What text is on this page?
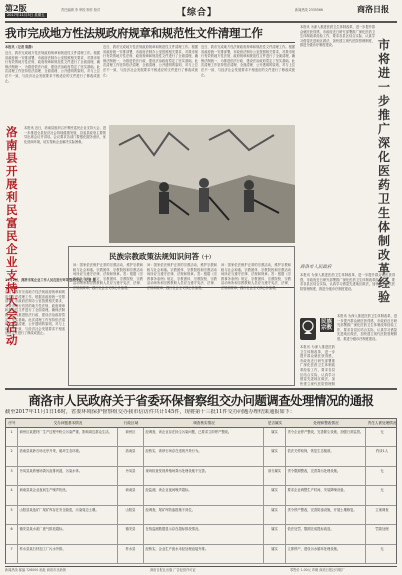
第2版
2017年11月3日 星期五
责任编辑 李 审校 制作 校对	【综合】	新闻热线 2335566	商洛日报
我市完成地方性法规政府规章和规范性文件清理工作
本报讯（记者 陈静）
近日，我市完成地方性法规政府规章和规范性文件清理工作。根据省政府统一安排部署，市政府法制办公室按照相关要求，对我市现行有效的地方性法规、政府规章和规范性文件进行了全面清理，确保法制统一，为推进依法行政、建设法治政府奠定了坚实基础。此次清理工作坚持依法清理、全面清理、公开透明的原则，对与上位法不一致、与经济社会发展要求不相适应的文件进行了修改或废止。
近日，我市完成地方性法规政府规章和规范性文件清理工作。根据省政府统一安排部署，市政府法制办公室按照相关要求，对我市现行有效的地方性法规、政府规章和规范性文件进行了全面清理，确保法制统一，为推进依法行政、建设法治政府奠定了坚实基础。此次清理工作坚持依法清理、全面清理、公开透明的原则，对与上位法不一致、与经济社会发展要求不相适应的文件进行了修改或废止。
近日，我市完成地方性法规政府规章和规范性文件清理工作。根据省政府统一安排部署，市政府法制办公室按照相关要求，对我市现行有效的地方性法规、政府规章和规范性文件进行了全面清理，确保法制统一，为推进依法行政、建设法治政府奠定了坚实基础。此次清理工作坚持依法清理、全面清理、公开透明的原则，对与上位法不一致、与经济社会发展要求不相适应的文件进行了修改或废止。
洛南县开展利民富民企业支持大会活动
本报讯 近日，洛南县组织召开利民富民企业支持大会，进一步推进全县经济社会持续健康发展，县委县政府主要领导出席会议并讲话。会议要求各部门要强化服务意识，优化营商环境，切实帮助企业解决实际困难。
11月2日，商洛市某企业工作人员在进行环境整治作业。记者 摄
市将进一步推广深化医药卫生体制改革经验
本报讯 为深入推进医药卫生体制改革，进一步提升群众就医获得感，市政府近日研究部署推广深化医药卫生体制改革经验工作，要求各县区结合实际，认真学习借鉴先进地区做法，加快建立现代医院管理制度，推进分级诊疗制度建设。
商洛市人民政府
本报讯 为深入推进医药卫生体制改革，进一步提升群众就医获得感，市政府近日研究部署推广深化医药卫生体制改革经验工作，要求各县区结合实际，认真学习借鉴先进地区做法，加快建立现代医院管理制度，推进分级诊疗制度建设。
近日，我市完成地方性法规政府规章和规范性文件清理工作。根据省政府统一安排部署，市政府法制办公室按照相关要求，对我市现行有效的地方性法规、政府规章和规范性文件进行了全面清理，确保法制统一，为推进依法行政、建设法治政府奠定了坚实基础。此次清理工作坚持依法清理、全面清理、公开透明的原则，对与上位法不一致、与经济社会发展要求不相适应的文件进行了修改或废止。
民族宗教政策法规知识问答（十）
问：国家依法保护正常的宗教活动，维护宗教和睦与社会和谐。宗教团体、宗教院校和宗教活动场所应当遵守法律、法规和规章。答：根据《宗教事务条例》规定，宗教团体、宗教院校、宗教活动场所和宗教教职人员应当遵守宪法、法律、法规和规章，践行社会主义核心价值观。
问：国家依法保护正常的宗教活动，维护宗教和睦与社会和谐。宗教团体、宗教院校和宗教活动场所应当遵守法律、法规和规章。答：根据《宗教事务条例》规定，宗教团体、宗教院校、宗教活动场所和宗教教职人员应当遵守宪法、法律、法规和规章，践行社会主义核心价值观。
问：国家依法保护正常的宗教活动，维护宗教和睦与社会和谐。宗教团体、宗教院校和宗教活动场所应当遵守法律、法规和规章。答：根据《宗教事务条例》规定，宗教团体、宗教院校、宗教活动场所和宗教教职人员应当遵守宪法、法律、法规和规章，践行社会主义核心价值观。
民族宗教
本报讯 为深入推进医药卫生体制改革，进一步提升群众就医获得感，市政府近日研究部署推广深化医药卫生体制改革经验工作，要求各县区结合实际，认真学习借鉴先进地区做法，加快建立现代医院管理制度，推进分级诊疗制度建设。
本报讯 为深入推进医药卫生体制改革，进一步提升群众就医获得感，市政府近日研究部署推广深化医药卫生体制改革经验工作，要求各县区结合实际，认真学习借鉴先进地区做法，加快建立现代医院管理制
商洛市人民政府关于省委环保督察组交办问题调查处理情况的通报
截至2017年11月1日16时，省委环境保护督察组交办我市信访件共计145件，现将第十三批11件交办问题办理结果通报如下：
序号	交办问题基本情况	行政区域	调查核实情况	是否属实	处理和整改情况	责任人被处理情况
1	商州区某建材厂生产过程中粉尘污染严重，影响周边群众生活。	商州区	经调查，该企业存在扬尘污染问题，已要求立即停产整改。	属实	责令企业停产整改，完善除尘设施，加强日常监管。	无
2	洛南县某砂石场无序开采，破坏生态环境。	洛南县	经核实，该砂石场存在违规开采行为。	属实	依法关停取缔，恢复生态植被。	约谈1人
3	丹凤县某养殖场粪污直排河道，污染水体。	丹凤县	现场检查发现养殖场粪污处理设施不完善。	部分属实	责令限期整改，完善粪污处理设施。	无
4	商南县某企业夜间生产噪声扰民。	商南县	经监测，该企业夜间噪声超标。	属实	要求企业调整生产时间，安装降噪设备。	无
5	山阳县某选矿厂尾矿库存在安全隐患，污染周边土壤。	山阳县	经调查，尾矿库防渗措施不到位。	属实	责令停产整改，完善防渗设施，开展土壤修复。	立案调查
6	镇安县某水泥厂废气排放超标。	镇安县	在线监测数据显示存在超标排放情况。	属实	依法处罚，限期完成提标改造。	罚款处理
7	柞水县某石材加工厂污水外排。	柞水县	经核实，企业生产废水未经处理直接外排。	属实	立即停产，建设污水循环处理设施。	无
新闻热线 邮编 726000 地址 商洛市北新街	商洛日报社出版 广告经营许可证	零售价 1.00元 印刷 商洛日报社印刷厂
